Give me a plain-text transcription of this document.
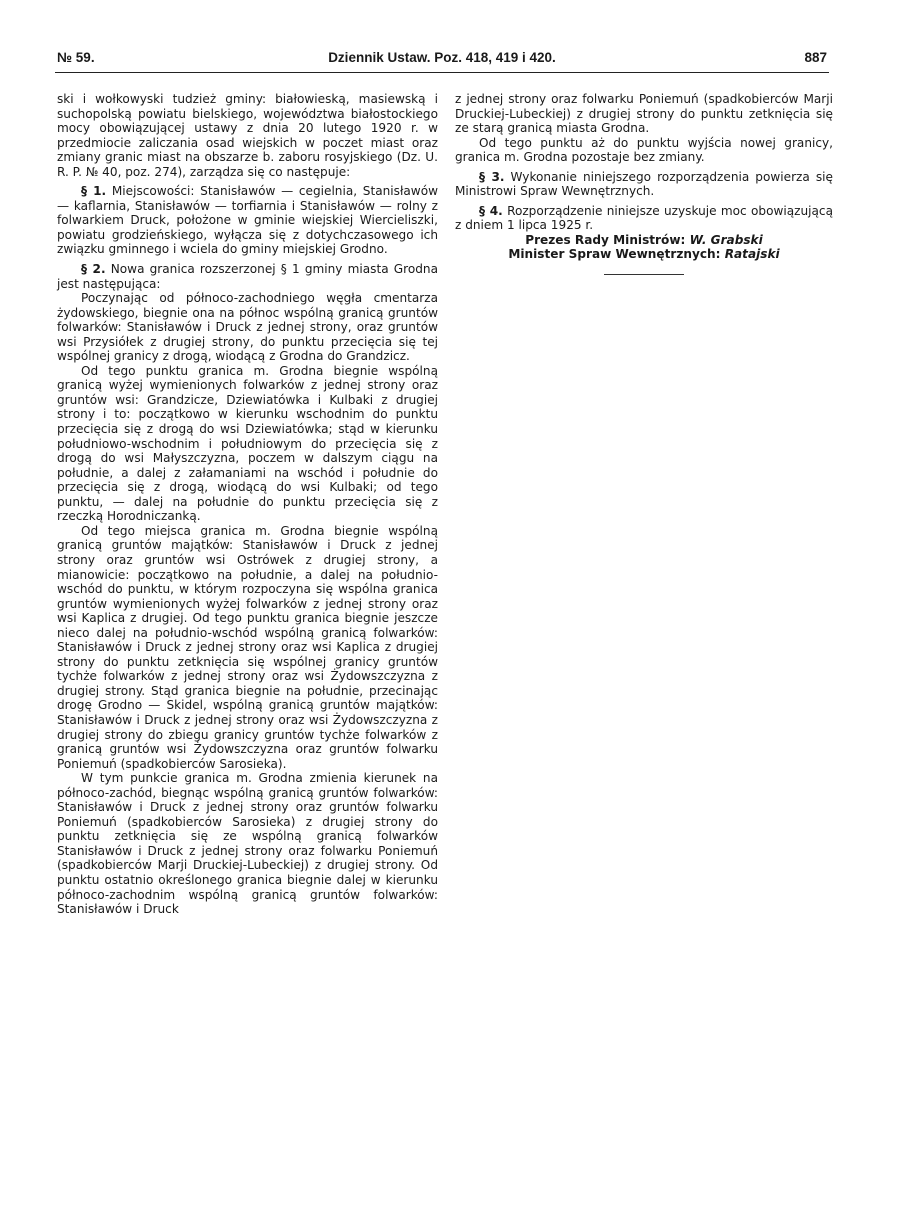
№ 59.	Dziennik Ustaw. Poz. 418, 419 i 420.	887

ski i wołkowyski tudzież gminy: białowieską, masiewską i suchopolską powiatu bielskiego, województwa białostockiego mocy obowiązującej ustawy z dnia 20 lutego 1920 r. w przedmiocie zaliczania osad wiejskich w poczet miast oraz zmiany granic miast na obszarze b. zaboru rosyjskiego (Dz. U. R. P. № 40, poz. 274), zarządza się co następuje:

§ 1. Miejscowości: Stanisławów — cegielnia, Stanisławów — kaflarnia, Stanisławów — torfiarnia i Stanisławów — rolny z folwarkiem Druck, położone w gminie wiejskiej Wiercieliszki, powiatu grodzieńskiego, wyłącza się z dotychczasowego ich związku gminnego i wciela do gminy miejskiej Grodno.

§ 2. Nowa granica rozszerzonej § 1 gminy miasta Grodna jest następująca:

Poczynając od północo-zachodniego węgła cmentarza żydowskiego, biegnie ona na północ wspólną granicą gruntów folwarków: Stanisławów i Druck z jednej strony, oraz gruntów wsi Przysiółek z drugiej strony, do punktu przecięcia się tej wspólnej granicy z drogą, wiodącą z Grodna do Grandzicz.

Od tego punktu granica m. Grodna biegnie wspólną granicą wyżej wymienionych folwarków z jednej strony oraz gruntów wsi: Grandzicze, Dziewiatówka i Kulbaki z drugiej strony i to: początkowo w kierunku wschodnim do punktu przecięcia się z drogą do wsi Dziewiatówka; stąd w kierunku południowo-wschodnim i południowym do przecięcia się z drogą do wsi Małyszczyzna, poczem w dalszym ciągu na południe, a dalej z załamaniami na wschód i południe do przecięcia się z drogą, wiodącą do wsi Kulbaki; od tego punktu, — dalej na południe do punktu przecięcia się z rzeczką Horodniczanką.

Od tego miejsca granica m. Grodna biegnie wspólną granicą gruntów majątków: Stanisławów i Druck z jednej strony oraz gruntów wsi Ostrówek z drugiej strony, a mianowicie: początkowo na południe, a dalej na południo-wschód do punktu, w którym rozpoczyna się wspólna granica gruntów wymienionych wyżej folwarków z jednej strony oraz wsi Kaplica z drugiej. Od tego punktu granica biegnie jeszcze nieco dalej na południo-wschód wspólną granicą folwarków: Stanisławów i Druck z jednej strony oraz wsi Kaplica z drugiej strony do punktu zetknięcia się wspólnej granicy gruntów tychże folwarków z jednej strony oraz wsi Żydowszczyzna z drugiej strony. Stąd granica biegnie na południe, przecinając drogę Grodno — Skidel, wspólną granicą gruntów majątków: Stanisławów i Druck z jednej strony oraz wsi Żydowszczyzna z drugiej strony do zbiegu granicy gruntów tychże folwarków z granicą gruntów wsi Żydowszczyzna oraz gruntów folwarku Poniemuń (spadkobierców Sarosieka).

W tym punkcie granica m. Grodna zmienia kierunek na północo-zachód, biegnąc wspólną granicą gruntów folwarków: Stanisławów i Druck z jednej strony oraz gruntów folwarku Poniemuń (spadkobierców Sarosieka) z drugiej strony do punktu zetknięcia się ze wspólną granicą folwarków Stanisławów i Druck z jednej strony oraz folwarku Poniemuń (spadkobierców Marji Druckiej-Lubeckiej) z drugiej strony. Od punktu ostatnio określonego granica biegnie dalej w kierunku północo-zachodnim wspólną granicą gruntów folwarków: Stanisławów i Druck

z jednej strony oraz folwarku Poniemuń (spadkobierców Marji Druckiej-Lubeckiej) z drugiej strony do punktu zetknięcia się ze starą granicą miasta Grodna.

Od tego punktu aż do punktu wyjścia nowej granicy, granica m. Grodna pozostaje bez zmiany.

§ 3. Wykonanie niniejszego rozporządzenia powierza się Ministrowi Spraw Wewnętrznych.

§ 4. Rozporządzenie niniejsze uzyskuje moc obowiązującą z dniem 1 lipca 1925 r.

Prezes Rady Ministrów: W. Grabski

Minister Spraw Wewnętrznych: Ratajski
